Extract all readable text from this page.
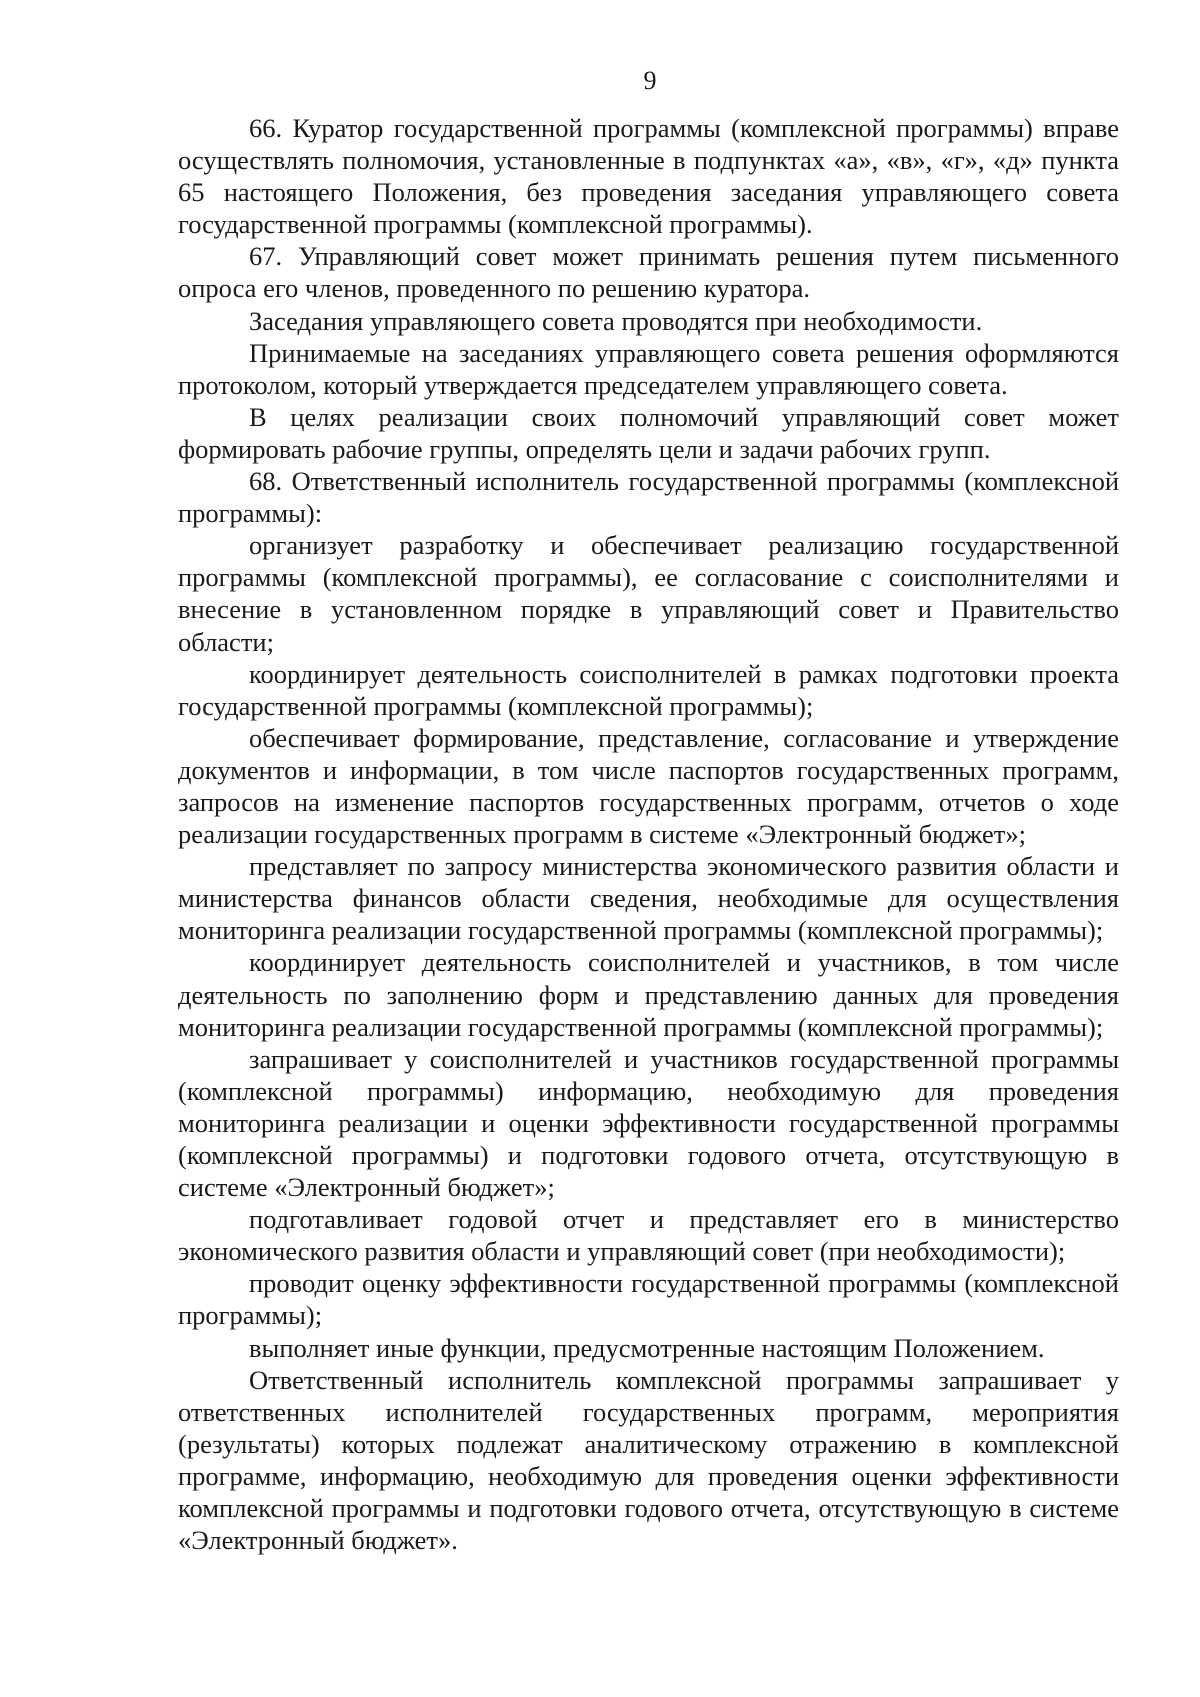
9

66. Куратор государственной программы (комплексной программы) вправе осуществлять полномочия, установленные в подпунктах «а», «в», «г», «д» пункта 65 настоящего Положения, без проведения заседания управляющего совета государственной программы (комплексной программы).

67. Управляющий совет может принимать решения путем письменного опроса его членов, проведенного по решению куратора.

Заседания управляющего совета проводятся при необходимости.

Принимаемые на заседаниях управляющего совета решения оформляются протоколом, который утверждается председателем управляющего совета.

В целях реализации своих полномочий управляющий совет может формировать рабочие группы, определять цели и задачи рабочих групп.

68. Ответственный исполнитель государственной программы (комплексной программы):

организует разработку и обеспечивает реализацию государственной программы (комплексной программы), ее согласование с соисполнителями и внесение в установленном порядке в управляющий совет и Правительство области;

координирует деятельность соисполнителей в рамках подготовки проекта государственной программы (комплексной программы);

обеспечивает формирование, представление, согласование и утверждение документов и информации, в том числе паспортов государственных программ, запросов на изменение паспортов государственных программ, отчетов о ходе реализации государственных программ в системе «Электронный бюджет»;

представляет по запросу министерства экономического развития области и министерства финансов области сведения, необходимые для осуществления мониторинга реализации государственной программы (комплексной программы);

координирует деятельность соисполнителей и участников, в том числе деятельность по заполнению форм и представлению данных для проведения мониторинга реализации государственной программы (комплексной программы);

запрашивает у соисполнителей и участников государственной программы (комплексной программы) информацию, необходимую для проведения мониторинга реализации и оценки эффективности государственной программы (комплексной программы) и подготовки годового отчета, отсутствующую в системе «Электронный бюджет»;

подготавливает годовой отчет и представляет его в министерство экономического развития области и управляющий совет (при необходимости);

проводит оценку эффективности государственной программы (комплексной программы);

выполняет иные функции, предусмотренные настоящим Положением.

Ответственный исполнитель комплексной программы запрашивает у ответственных исполнителей государственных программ, мероприятия (результаты) которых подлежат аналитическому отражению в комплексной программе, информацию, необходимую для проведения оценки эффективности комплексной программы и подготовки годового отчета, отсутствующую в системе «Электронный бюджет».
